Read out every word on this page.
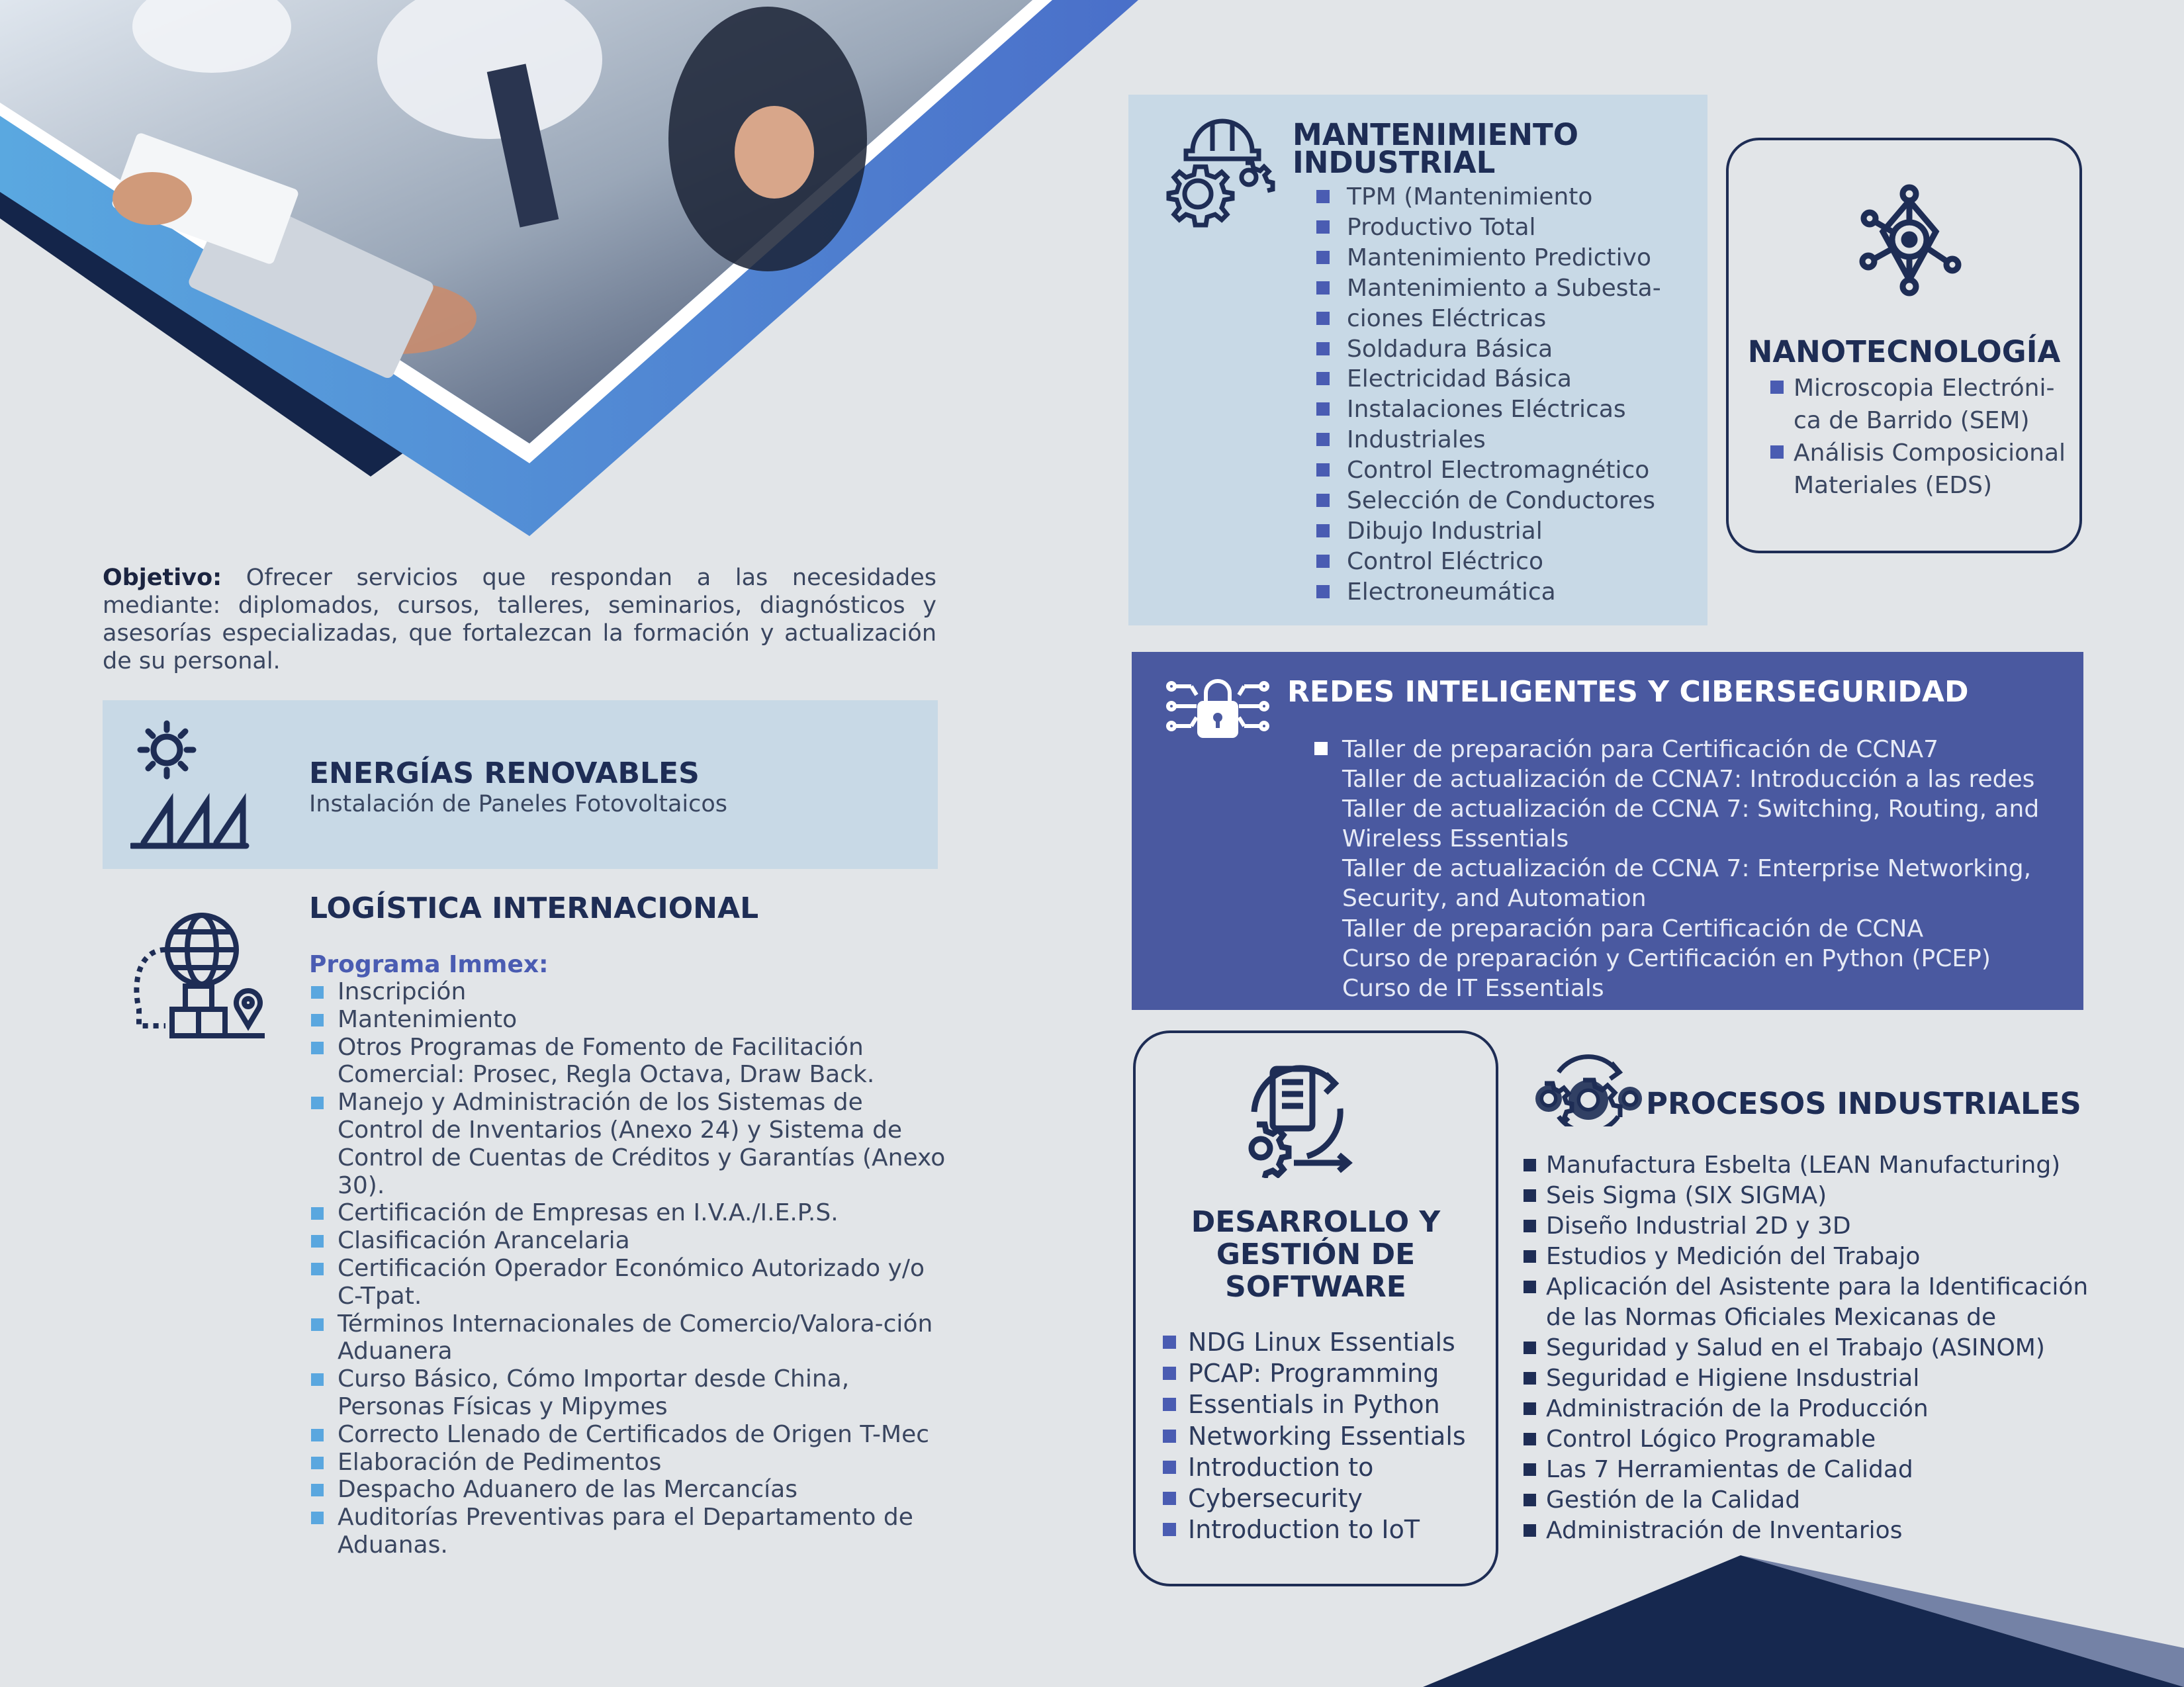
Objetivo: Ofrecer servicios que respondan a las necesidades mediante: diplomados, cursos, talleres, seminarios, diagnósticos y asesorías especializadas, que fortalezcan la formación y actualización de su personal.
ENERGÍAS RENOVABLES
Instalación de Paneles Fotovoltaicos
LOGÍSTICA INTERNACIONAL
Programa Immex:
Inscripción
Mantenimiento
Otros Programas de Fomento de Facilitación Comercial: Prosec, Regla Octava, Draw Back.
Manejo y Administración de los Sistemas de Control de Inventarios (Anexo 24) y Sistema de Control de Cuentas de Créditos y Garantías (Anexo 30).
Certificación de Empresas en I.V.A./I.E.P.S.
Clasificación Arancelaria
Certificación Operador Económico Autorizado y/o C-Tpat.
Términos Internacionales de Comercio/Valora-ción Aduanera
Curso Básico, Cómo Importar desde China, Personas Físicas y Mipymes
Correcto Llenado de Certificados de Origen T-Mec
Elaboración de Pedimentos
Despacho Aduanero de las Mercancías
Auditorías Preventivas para el Departamento de Aduanas.
MANTENIMIENTO
INDUSTRIAL
TPM (Mantenimiento
Productivo Total
Mantenimiento Predictivo
Mantenimiento a Subesta-
ciones Eléctricas
Soldadura Básica
Electricidad Básica
Instalaciones Eléctricas
Industriales
Control Electromagnético
Selección de Conductores
Dibujo Industrial
Control Eléctrico
Electroneumática
NANOTECNOLOGÍA
Microscopia Electróni-
ca de Barrido (SEM)
Análisis Composicional
Materiales (EDS)
REDES INTELIGENTES Y CIBERSEGURIDAD
Taller de preparación para Certificación de CCNA7
Taller de actualización de CCNA7: Introducción a las redes
Taller de actualización de CCNA 7: Switching, Routing, and
Wireless Essentials
Taller de actualización de CCNA 7: Enterprise Networking,
Security, and Automation
Taller de preparación para Certificación de CCNA
Curso de preparación y Certificación en Python (PCEP)
Curso de IT Essentials
DESARROLLO Y
GESTIÓN DE
SOFTWARE
NDG Linux Essentials
PCAP: Programming
Essentials in Python
Networking Essentials
Introduction to
Cybersecurity
Introduction to IoT
PROCESOS INDUSTRIALES
Manufactura Esbelta (LEAN Manufacturing)
Seis Sigma (SIX SIGMA)
Diseño Industrial 2D y 3D
Estudios y Medición del Trabajo
Aplicación del Asistente para la Identificación
de las Normas Oficiales Mexicanas de
Seguridad y Salud en el Trabajo (ASINOM)
Seguridad e Higiene Insdustrial
Administración de la Producción
Control Lógico Programable
Las 7 Herramientas de Calidad
Gestión de la Calidad
Administración de Inventarios
